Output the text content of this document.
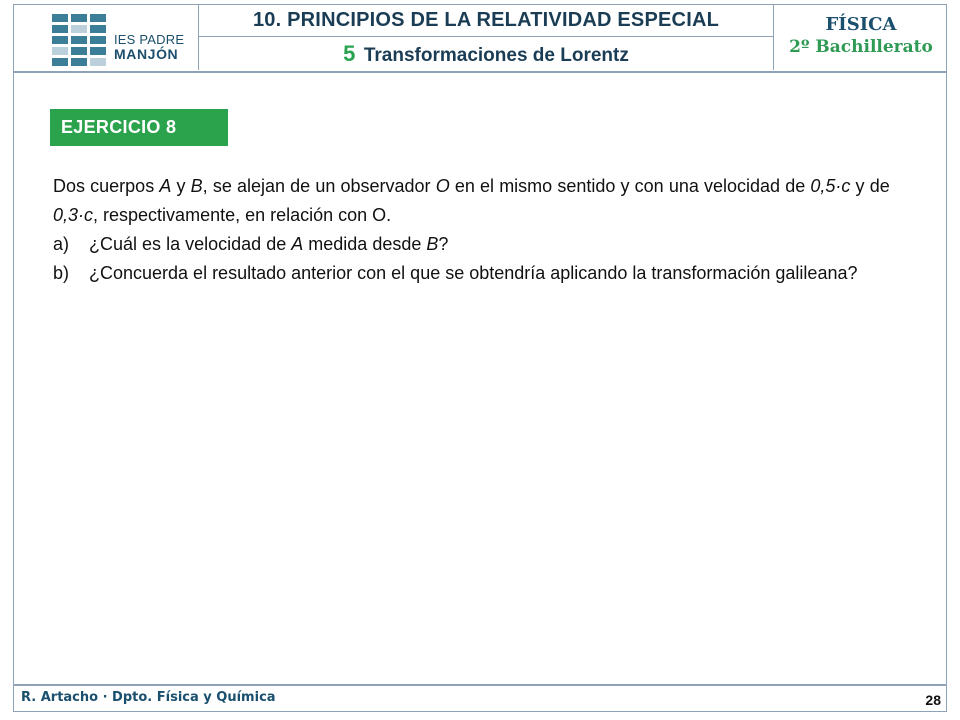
IES PADRE
MANJÓN
10. PRINCIPIOS DE LA RELATIVIDAD ESPECIAL
5 Transformaciones de Lorentz
FÍSICA
2º Bachillerato
EJERCICIO 8

Dos cuerpos A y B, se alejan de un observador O en el mismo sentido y con una velocidad de 0,5·c y de 0,3·c, respectivamente, en relación con O.

a) ¿Cuál es la velocidad de A medida desde B?
b) ¿Concuerda el resultado anterior con el que se obtendría aplicando la transformación galileana?
R. Artacho · Dpto. Física y Química	28
